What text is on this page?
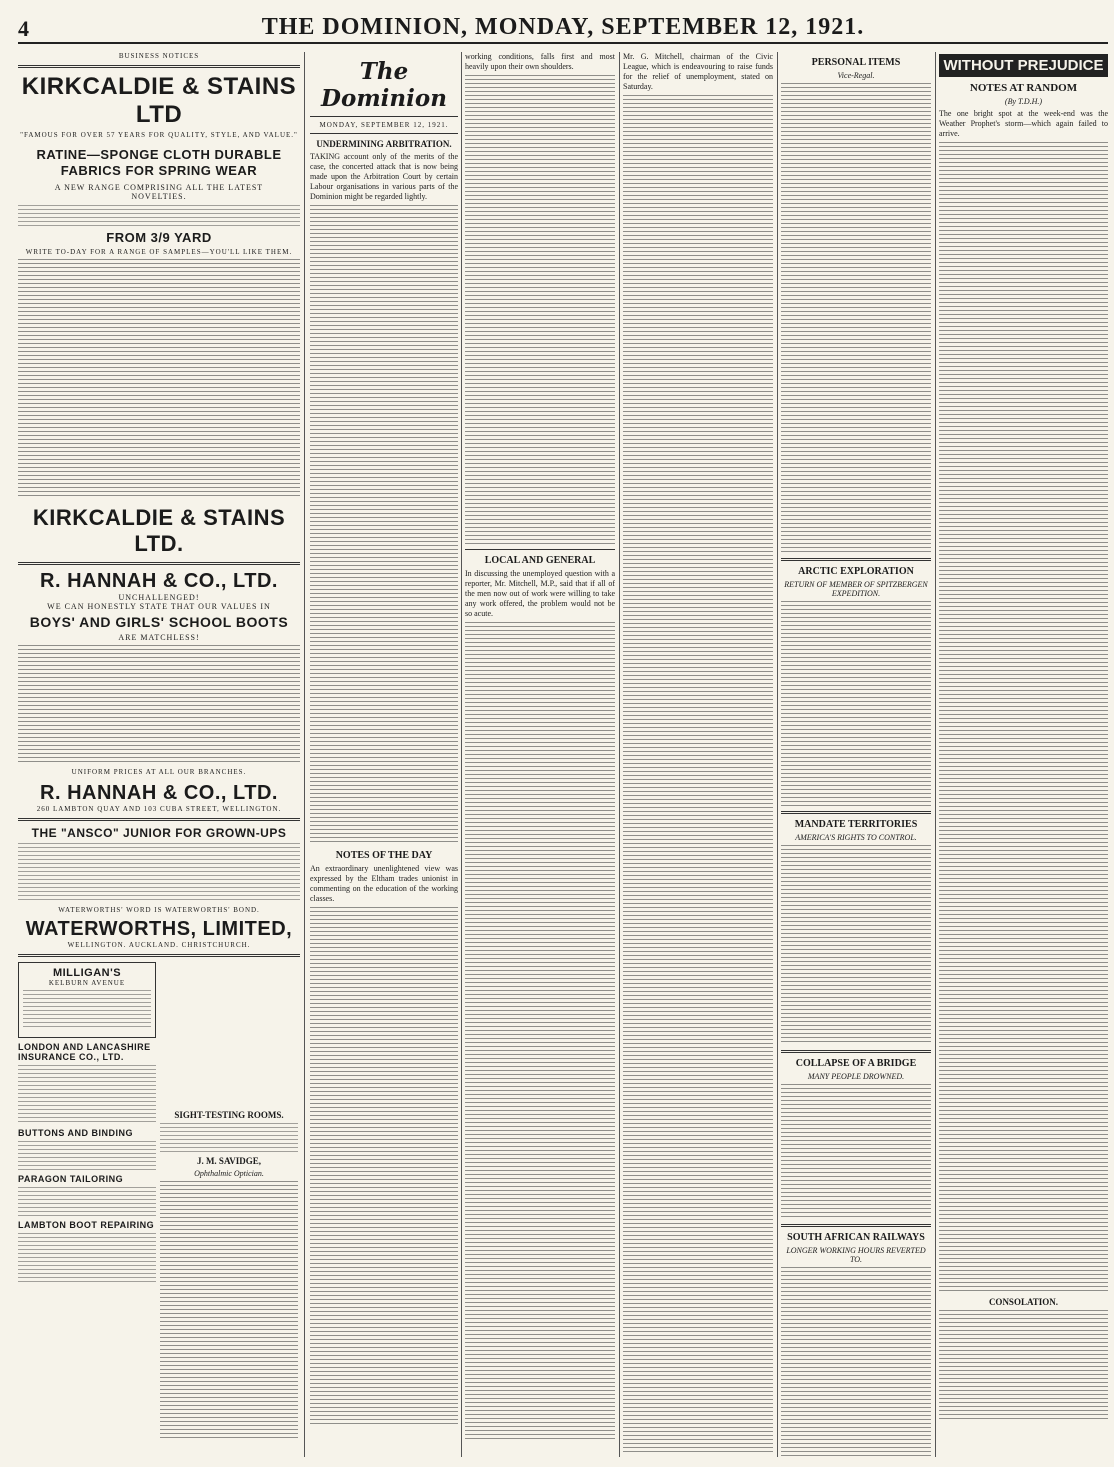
4	THE DOMINION, MONDAY, SEPTEMBER 12, 1921.
BUSINESS NOTICES
KIRKCALDIE & STAINS LTD
"FAMOUS FOR OVER 57 YEARS FOR QUALITY, STYLE, AND VALUE."
RATINE—SPONGE CLOTH DURABLE FABRICS FOR SPRING WEAR
A NEW RANGE COMPRISING ALL THE LATEST NOVELTIES.
FROM 3/9 YARD
WRITE TO-DAY FOR A RANGE OF SAMPLES—YOU'LL LIKE THEM.
KIRKCALDIE & STAINS LTD.
R. HANNAH & CO., LTD.
UNCHALLENGED!
WE CAN HONESTLY STATE THAT OUR VALUES IN
BOYS' AND GIRLS' SCHOOL BOOTS
ARE MATCHLESS!
UNIFORM PRICES AT ALL OUR BRANCHES.
R. HANNAH & CO., LTD.
260 LAMBTON QUAY AND 103 CUBA STREET, WELLINGTON.
THE "ANSCO" JUNIOR FOR GROWN-UPS
WATERWORTHS' WORD IS WATERWORTHS' BOND.
WATERWORTHS, LIMITED,
WELLINGTON. AUCKLAND. CHRISTCHURCH.
MILLIGAN'S
KELBURN AVENUE
LONDON AND LANCASHIRE INSURANCE CO., LTD.
BUTTONS AND BINDING
PARAGON TAILORING
LAMBTON BOOT REPAIRING
SIGHT-TESTING ROOMS.
J. M. SAVIDGE,
Ophthalmic Optician.
The Dominion
MONDAY, SEPTEMBER 12, 1921.
UNDERMINING ARBITRATION.
TAKING account only of the merits of the case, the concerted attack that is now being made upon the Arbitration Court by certain Labour organisations in various parts of the Dominion might be regarded lightly.
NOTES OF THE DAY
An extraordinary unenlightened view was expressed by the Eltham trades unionist in commenting on the education of the working classes.
working conditions, falls first and most heavily upon their own shoulders.
LOCAL AND GENERAL
In discussing the unemployed question with a reporter, Mr. Mitchell, M.P., said that if all of the men now out of work were willing to take any work offered, the problem would not be so acute.
Mr. G. Mitchell, chairman of the Civic League, which is endeavouring to raise funds for the relief of unemployment, stated on Saturday.
PERSONAL ITEMS
Vice-Regal.
ARCTIC EXPLORATION
RETURN OF MEMBER OF SPITZBERGEN EXPEDITION.
MANDATE TERRITORIES
AMERICA'S RIGHTS TO CONTROL.
COLLAPSE OF A BRIDGE
MANY PEOPLE DROWNED.
SOUTH AFRICAN RAILWAYS
LONGER WORKING HOURS REVERTED TO.
WITHOUT PREJUDICE
NOTES AT RANDOM
(By T.D.H.)
The one bright spot at the week-end was the Weather Prophet's storm—which again failed to arrive.
CONSOLATION.
